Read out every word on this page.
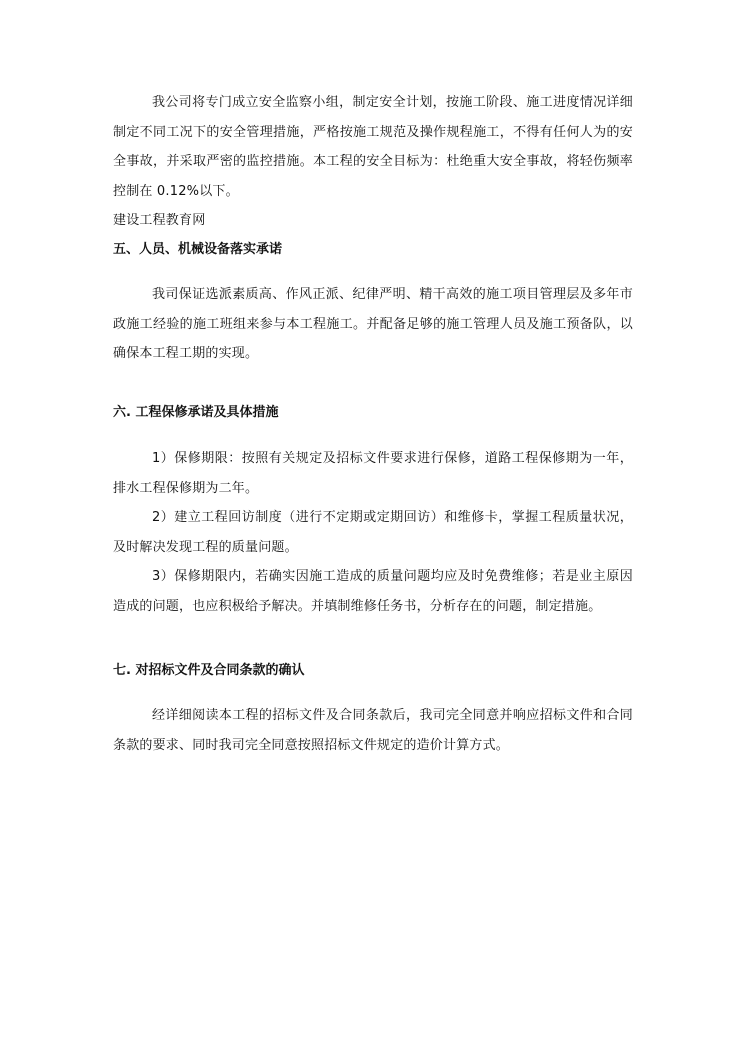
我公司将专门成立安全监察小组，制定安全计划，按施工阶段、施工进度情况详细制定不同工况下的安全管理措施，严格按施工规范及操作规程施工，不得有任何人为的安全事故，并采取严密的监控措施。本工程的安全目标为：杜绝重大安全事故，将轻伤频率控制在 0.12%以下。

建设工程教育网

五、人员、机械设备落实承诺

我司保证选派素质高、作风正派、纪律严明、精干高效的施工项目管理层及多年市政施工经验的施工班组来参与本工程施工。并配备足够的施工管理人员及施工预备队，以确保本工程工期的实现。

六. 工程保修承诺及具体措施

1）保修期限：按照有关规定及招标文件要求进行保修，道路工程保修期为一年，排水工程保修期为二年。

2）建立工程回访制度（进行不定期或定期回访）和维修卡，掌握工程质量状况，及时解决发现工程的质量问题。

3）保修期限内，若确实因施工造成的质量问题均应及时免费维修；若是业主原因造成的问题，也应积极给予解决。并填制维修任务书，分析存在的问题，制定措施。

七. 对招标文件及合同条款的确认

经详细阅读本工程的招标文件及合同条款后，我司完全同意并响应招标文件和合同条款的要求、同时我司完全同意按照招标文件规定的造价计算方式。
